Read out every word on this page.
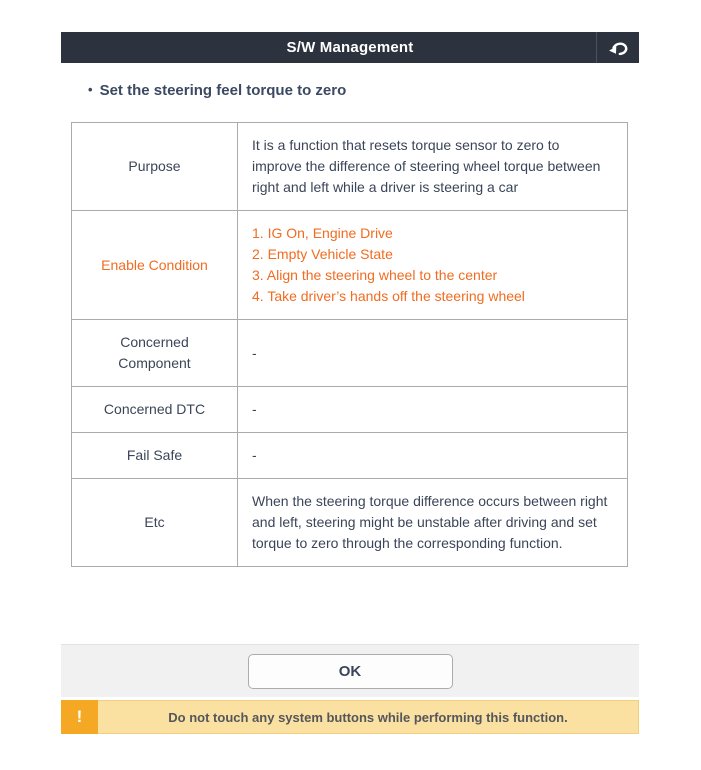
S/W Management
• Set the steering feel torque to zero
Purpose	It is a function that resets torque sensor to zero to improve the difference of steering wheel torque between right and left while a driver is steering a car

Enable Condition	1. IG On, Engine Drive
2. Empty Vehicle State
3. Align the steering wheel to the center
4. Take driver’s hands off the steering wheel

Concerned Component	-

Concerned DTC	-

Fail Safe	-

Etc	When the steering torque difference occurs between right and left, steering might be unstable after driving and set torque to zero through the corresponding function.
OK
!	Do not touch any system buttons while performing this function.
